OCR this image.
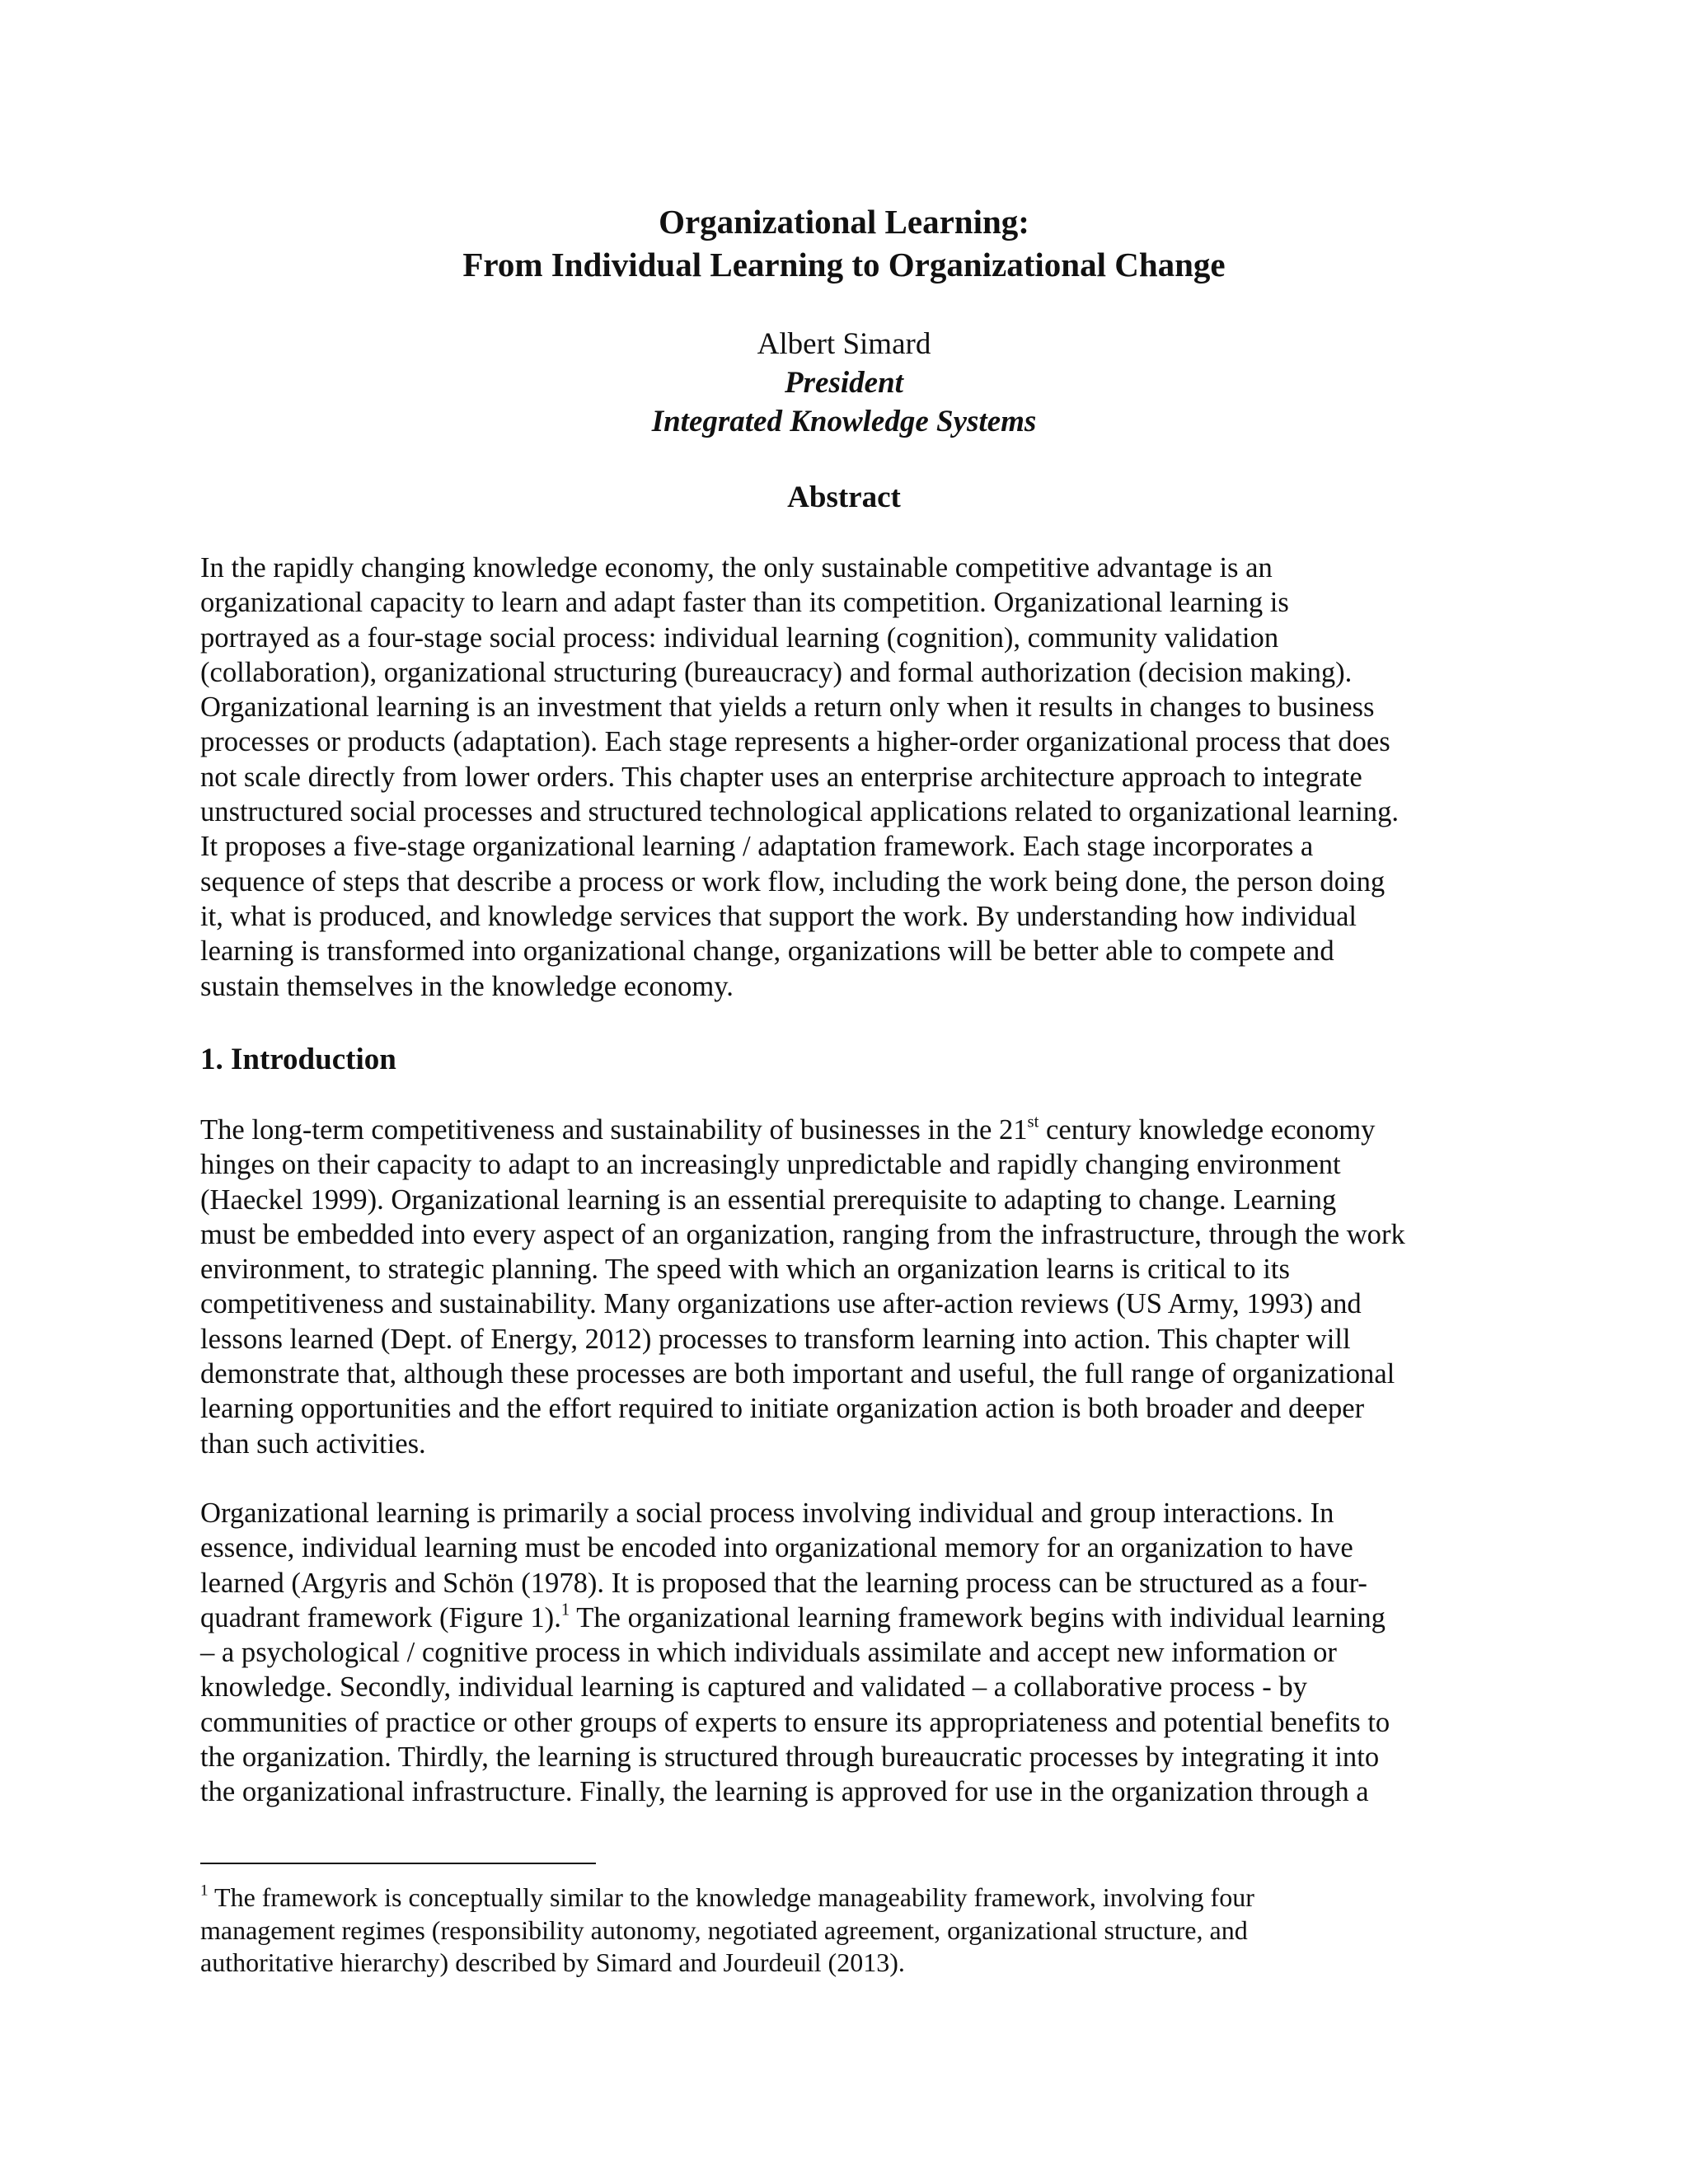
Organizational Learning:
From Individual Learning to Organizational Change
Albert Simard
President
Integrated Knowledge Systems
Abstract

In the rapidly changing knowledge economy, the only sustainable competitive advantage is an
organizational capacity to learn and adapt faster than its competition. Organizational learning is
portrayed as a four-stage social process: individual learning (cognition), community validation
(collaboration), organizational structuring (bureaucracy) and formal authorization (decision making).
Organizational learning is an investment that yields a return only when it results in changes to business
processes or products (adaptation). Each stage represents a higher-order organizational process that does
not scale directly from lower orders. This chapter uses an enterprise architecture approach to integrate
unstructured social processes and structured technological applications related to organizational learning.
It proposes a five-stage organizational learning / adaptation framework. Each stage incorporates a
sequence of steps that describe a process or work flow, including the work being done, the person doing
it, what is produced, and knowledge services that support the work. By understanding how individual
learning is transformed into organizational change, organizations will be better able to compete and
sustain themselves in the knowledge economy.

1. Introduction

The long-term competitiveness and sustainability of businesses in the 21st century knowledge economy
hinges on their capacity to adapt to an increasingly unpredictable and rapidly changing environment
(Haeckel 1999). Organizational learning is an essential prerequisite to adapting to change. Learning
must be embedded into every aspect of an organization, ranging from the infrastructure, through the work
environment, to strategic planning. The speed with which an organization learns is critical to its
competitiveness and sustainability. Many organizations use after-action reviews (US Army, 1993) and
lessons learned (Dept. of Energy, 2012) processes to transform learning into action. This chapter will
demonstrate that, although these processes are both important and useful, the full range of organizational
learning opportunities and the effort required to initiate organization action is both broader and deeper
than such activities.

Organizational learning is primarily a social process involving individual and group interactions. In
essence, individual learning must be encoded into organizational memory for an organization to have
learned (Argyris and Schön (1978). It is proposed that the learning process can be structured as a four-
quadrant framework (Figure 1).$^1$ The organizational learning framework begins with individual learning
– a psychological / cognitive process in which individuals assimilate and accept new information or
knowledge. Secondly, individual learning is captured and validated – a collaborative process - by
communities of practice or other groups of experts to ensure its appropriateness and potential benefits to
the organization. Thirdly, the learning is structured through bureaucratic processes by integrating it into
the organizational infrastructure. Finally, the learning is approved for use in the organization through a

$^1$ The framework is conceptually similar to the knowledge manageability framework, involving four
management regimes (responsibility autonomy, negotiated agreement, organizational structure, and
authoritative hierarchy) described by Simard and Jourdeuil (2013).
